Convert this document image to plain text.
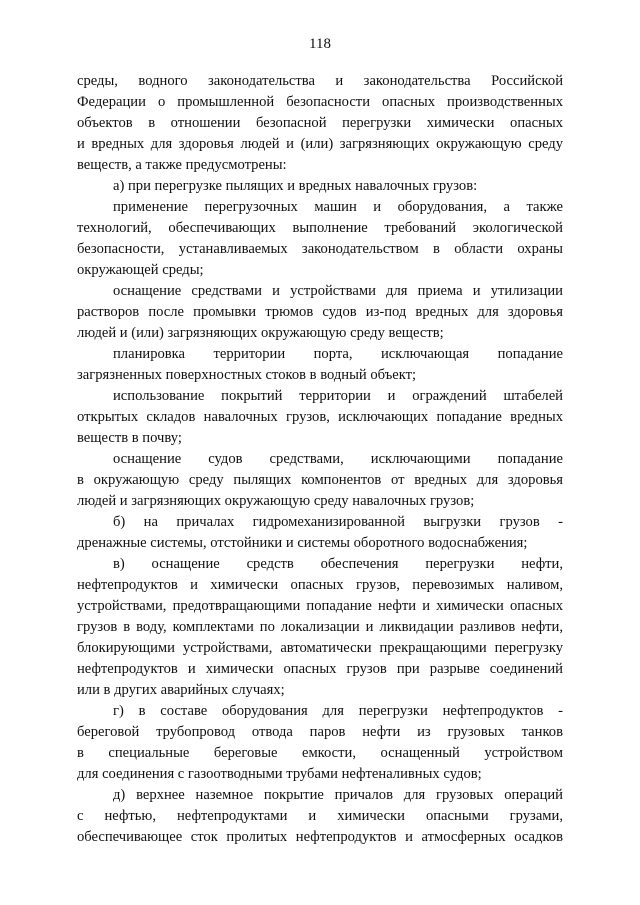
118
среды, водного законодательства и законодательства Российской
Федерации о промышленной безопасности опасных производственных
объектов в отношении безопасной перегрузки химически опасных
и вредных для здоровья людей и (или) загрязняющих окружающую среду
веществ, а также предусмотрены:
а) при перегрузке пылящих и вредных навалочных грузов:
применение перегрузочных машин и оборудования, а также
технологий, обеспечивающих выполнение требований экологической
безопасности, устанавливаемых законодательством в области охраны
окружающей среды;
оснащение средствами и устройствами для приема и утилизации
растворов после промывки трюмов судов из-под вредных для здоровья
людей и (или) загрязняющих окружающую среду веществ;
планировка территории порта, исключающая попадание
загрязненных поверхностных стоков в водный объект;
использование покрытий территории и ограждений штабелей
открытых складов навалочных грузов, исключающих попадание вредных
веществ в почву;
оснащение судов средствами, исключающими попадание
в окружающую среду пылящих компонентов от вредных для здоровья
людей и загрязняющих окружающую среду навалочных грузов;
б) на причалах гидромеханизированной выгрузки грузов -
дренажные системы, отстойники и системы оборотного водоснабжения;
в) оснащение средств обеспечения перегрузки нефти,
нефтепродуктов и химически опасных грузов, перевозимых наливом,
устройствами, предотвращающими попадание нефти и химически опасных
грузов в воду, комплектами по локализации и ликвидации разливов нефти,
блокирующими устройствами, автоматически прекращающими перегрузку
нефтепродуктов и химически опасных грузов при разрыве соединений
или в других аварийных случаях;
г) в составе оборудования для перегрузки нефтепродуктов -
береговой трубопровод отвода паров нефти из грузовых танков
в специальные береговые емкости, оснащенный устройством
для соединения с газоотводными трубами нефтеналивных судов;
д) верхнее наземное покрытие причалов для грузовых операций
с нефтью, нефтепродуктами и химически опасными грузами,
обеспечивающее сток пролитых нефтепродуктов и атмосферных осадков
